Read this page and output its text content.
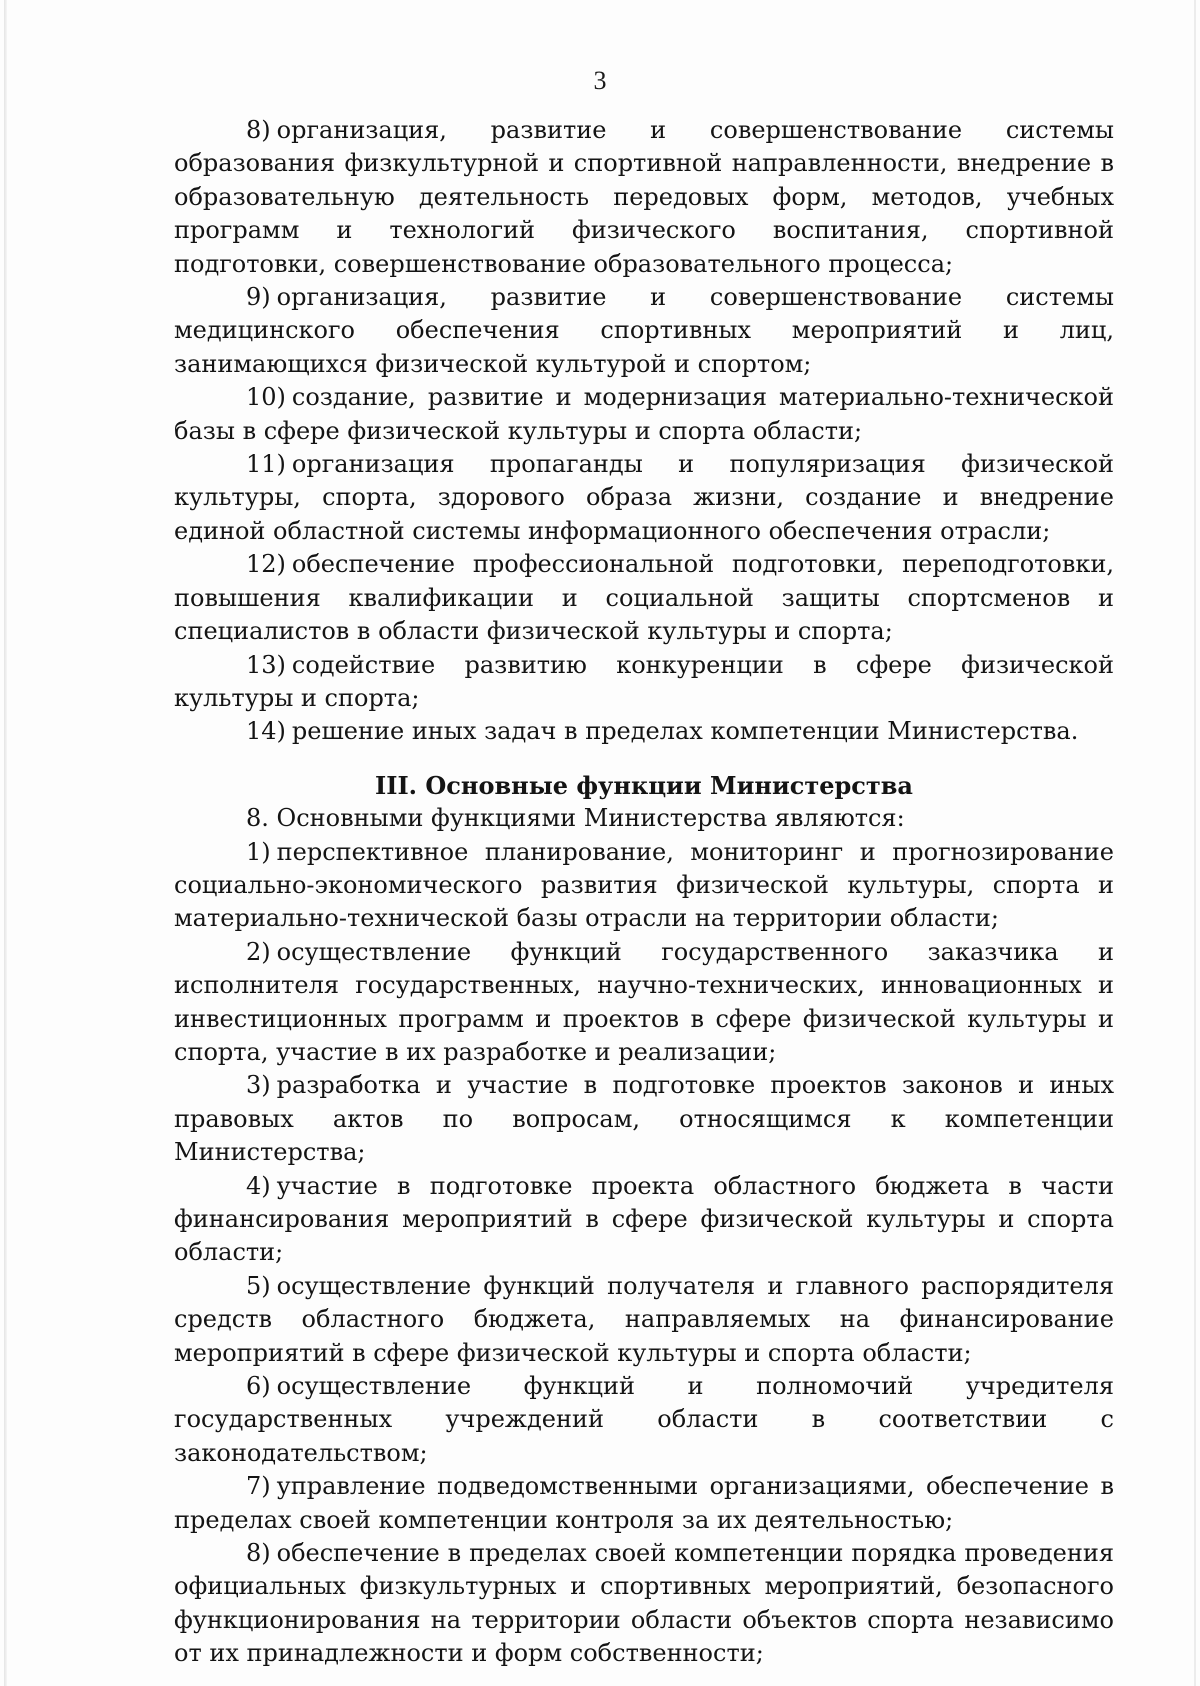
3

8) организация, развитие и совершенствование системы образования физкультурной и спортивной направленности, внедрение в образовательную деятельность передовых форм, методов, учебных программ и технологий физического воспитания, спортивной подготовки, совершенствование образовательного процесса;

9) организация, развитие и совершенствование системы медицинского обеспечения спортивных мероприятий и лиц, занимающихся физической культурой и спортом;

10) создание, развитие и модернизация материально-технической базы в сфере физической культуры и спорта области;

11) организация пропаганды и популяризация физической культуры, спорта, здорового образа жизни, создание и внедрение единой областной системы информационного обеспечения отрасли;

12) обеспечение профессиональной подготовки, переподготовки, повышения квалификации и социальной защиты спортсменов и специалистов в области физической культуры и спорта;

13) содействие развитию конкуренции в сфере физической культуры и спорта;

14) решение иных задач в пределах компетенции Министерства.

III. Основные функции Министерства

8. Основными функциями Министерства являются:

1) перспективное планирование, мониторинг и прогнозирование социально-экономического развития физической культуры, спорта и материально-технической базы отрасли на территории области;

2) осуществление функций государственного заказчика и исполнителя государственных, научно-технических, инновационных и инвестиционных программ и проектов в сфере физической культуры и спорта, участие в их разработке и реализации;

3) разработка и участие в подготовке проектов законов и иных правовых актов по вопросам, относящимся к компетенции Министерства;

4) участие в подготовке проекта областного бюджета в части финансирования мероприятий в сфере физической культуры и спорта области;

5) осуществление функций получателя и главного распорядителя средств областного бюджета, направляемых на финансирование мероприятий в сфере физической культуры и спорта области;

6) осуществление функций и полномочий учредителя государственных учреждений области в соответствии с законодательством;

7) управление подведомственными организациями, обеспечение в пределах своей компетенции контроля за их деятельностью;

8) обеспечение в пределах своей компетенции порядка проведения официальных физкультурных и спортивных мероприятий, безопасного функционирования на территории области объектов спорта независимо от их принадлежности и форм собственности;
